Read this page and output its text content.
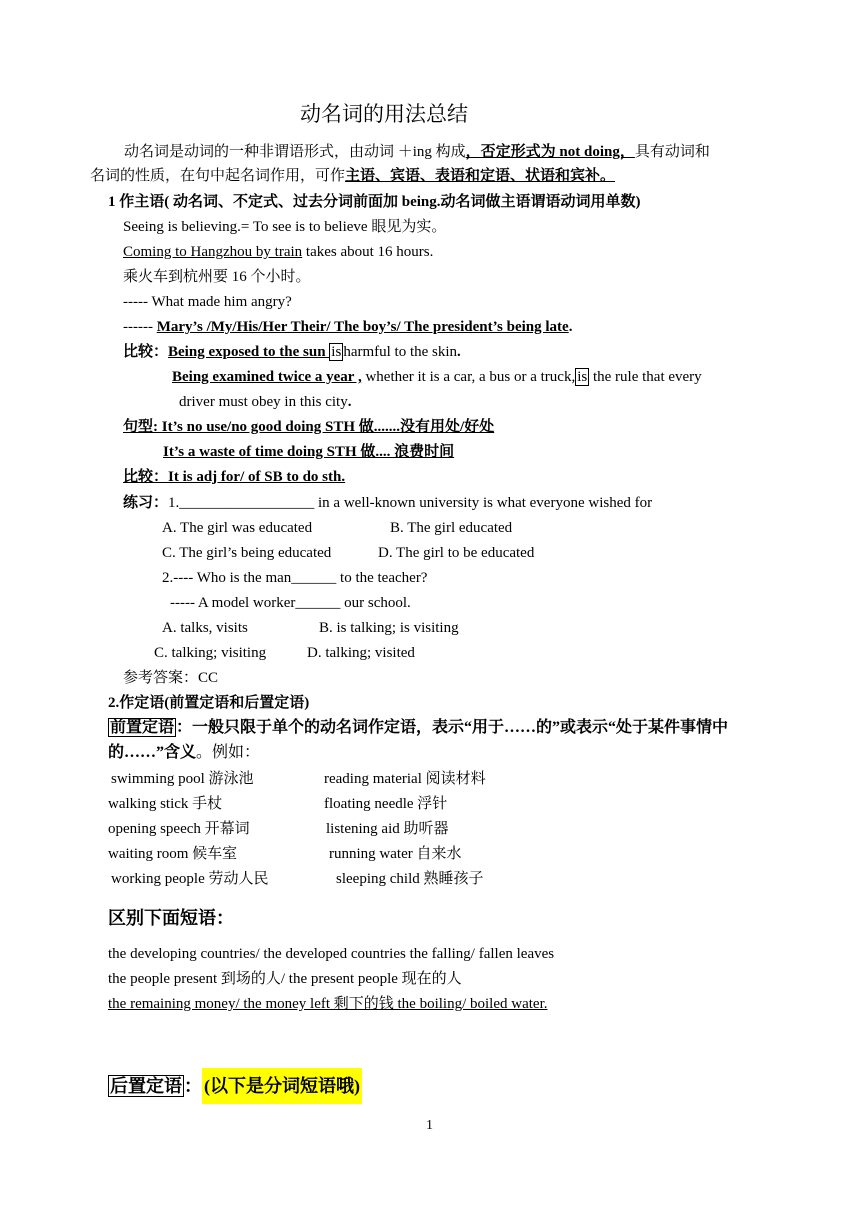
动名词的用法总结
动名词是动词的一种非谓语形式，由动词 ＋ing 构成，否定形式为 not doing，具有动词和
名词的性质，在句中起名词作用，可作主语、宾语、表语和定语、状语和宾补。
1 作主语( 动名词、不定式、过去分词前面加 being.动名词做主语谓语动词用单数)
Seeing is believing.= To see is to believe 眼见为实。
Coming to Hangzhou by train takes about 16 hours.
乘火车到杭州要 16 个小时。
----- What made him angry?
------ Mary’s /My/His/Her Their/ The boy’s/ The president’s being late.
比较：Being exposed to the sun is harmful to the skin.
Being examined twice a year , whether it is a car, a bus or a truck, is the rule that every
driver must obey in this city.
句型: It’s no use/no good doing STH 做.......没有用处/好处
It’s a waste of time doing STH 做.... 浪费时间
比较：It is adj for/ of SB to do sth.
练习：1.__________________ in a well-known university is what everyone wished for
A. The girl was educated	B. The girl educated
C. The girl’s being educated	D. The girl to be educated
2.---- Who is the man______ to the teacher?
----- A model worker______ our school.
A. talks, visits	B. is talking; is visiting
C. talking; visiting	D. talking; visited
参考答案：CC
2.作定语(前置定语和后置定语)
前置定语 ：一般只限于单个的动名词作定语，表示“用于……的”或表示“处于某件事情中
的……”含义。例如：
swimming pool 游泳池	reading material 阅读材料
walking stick 手杖	floating needle 浮针
opening speech 开幕词	listening aid 助听器
waiting room 候车室	running water 自来水
working people 劳动人民	sleeping child 熟睡孩子
区别下面短语：
the developing countries/ the developed countries the falling/ fallen leaves
the people present 到场的人/ the present people 现在的人
the remaining money/ the money left 剩下的钱 the boiling/ boiled water.
后置定语 ： (以下是分词短语哦)
1
